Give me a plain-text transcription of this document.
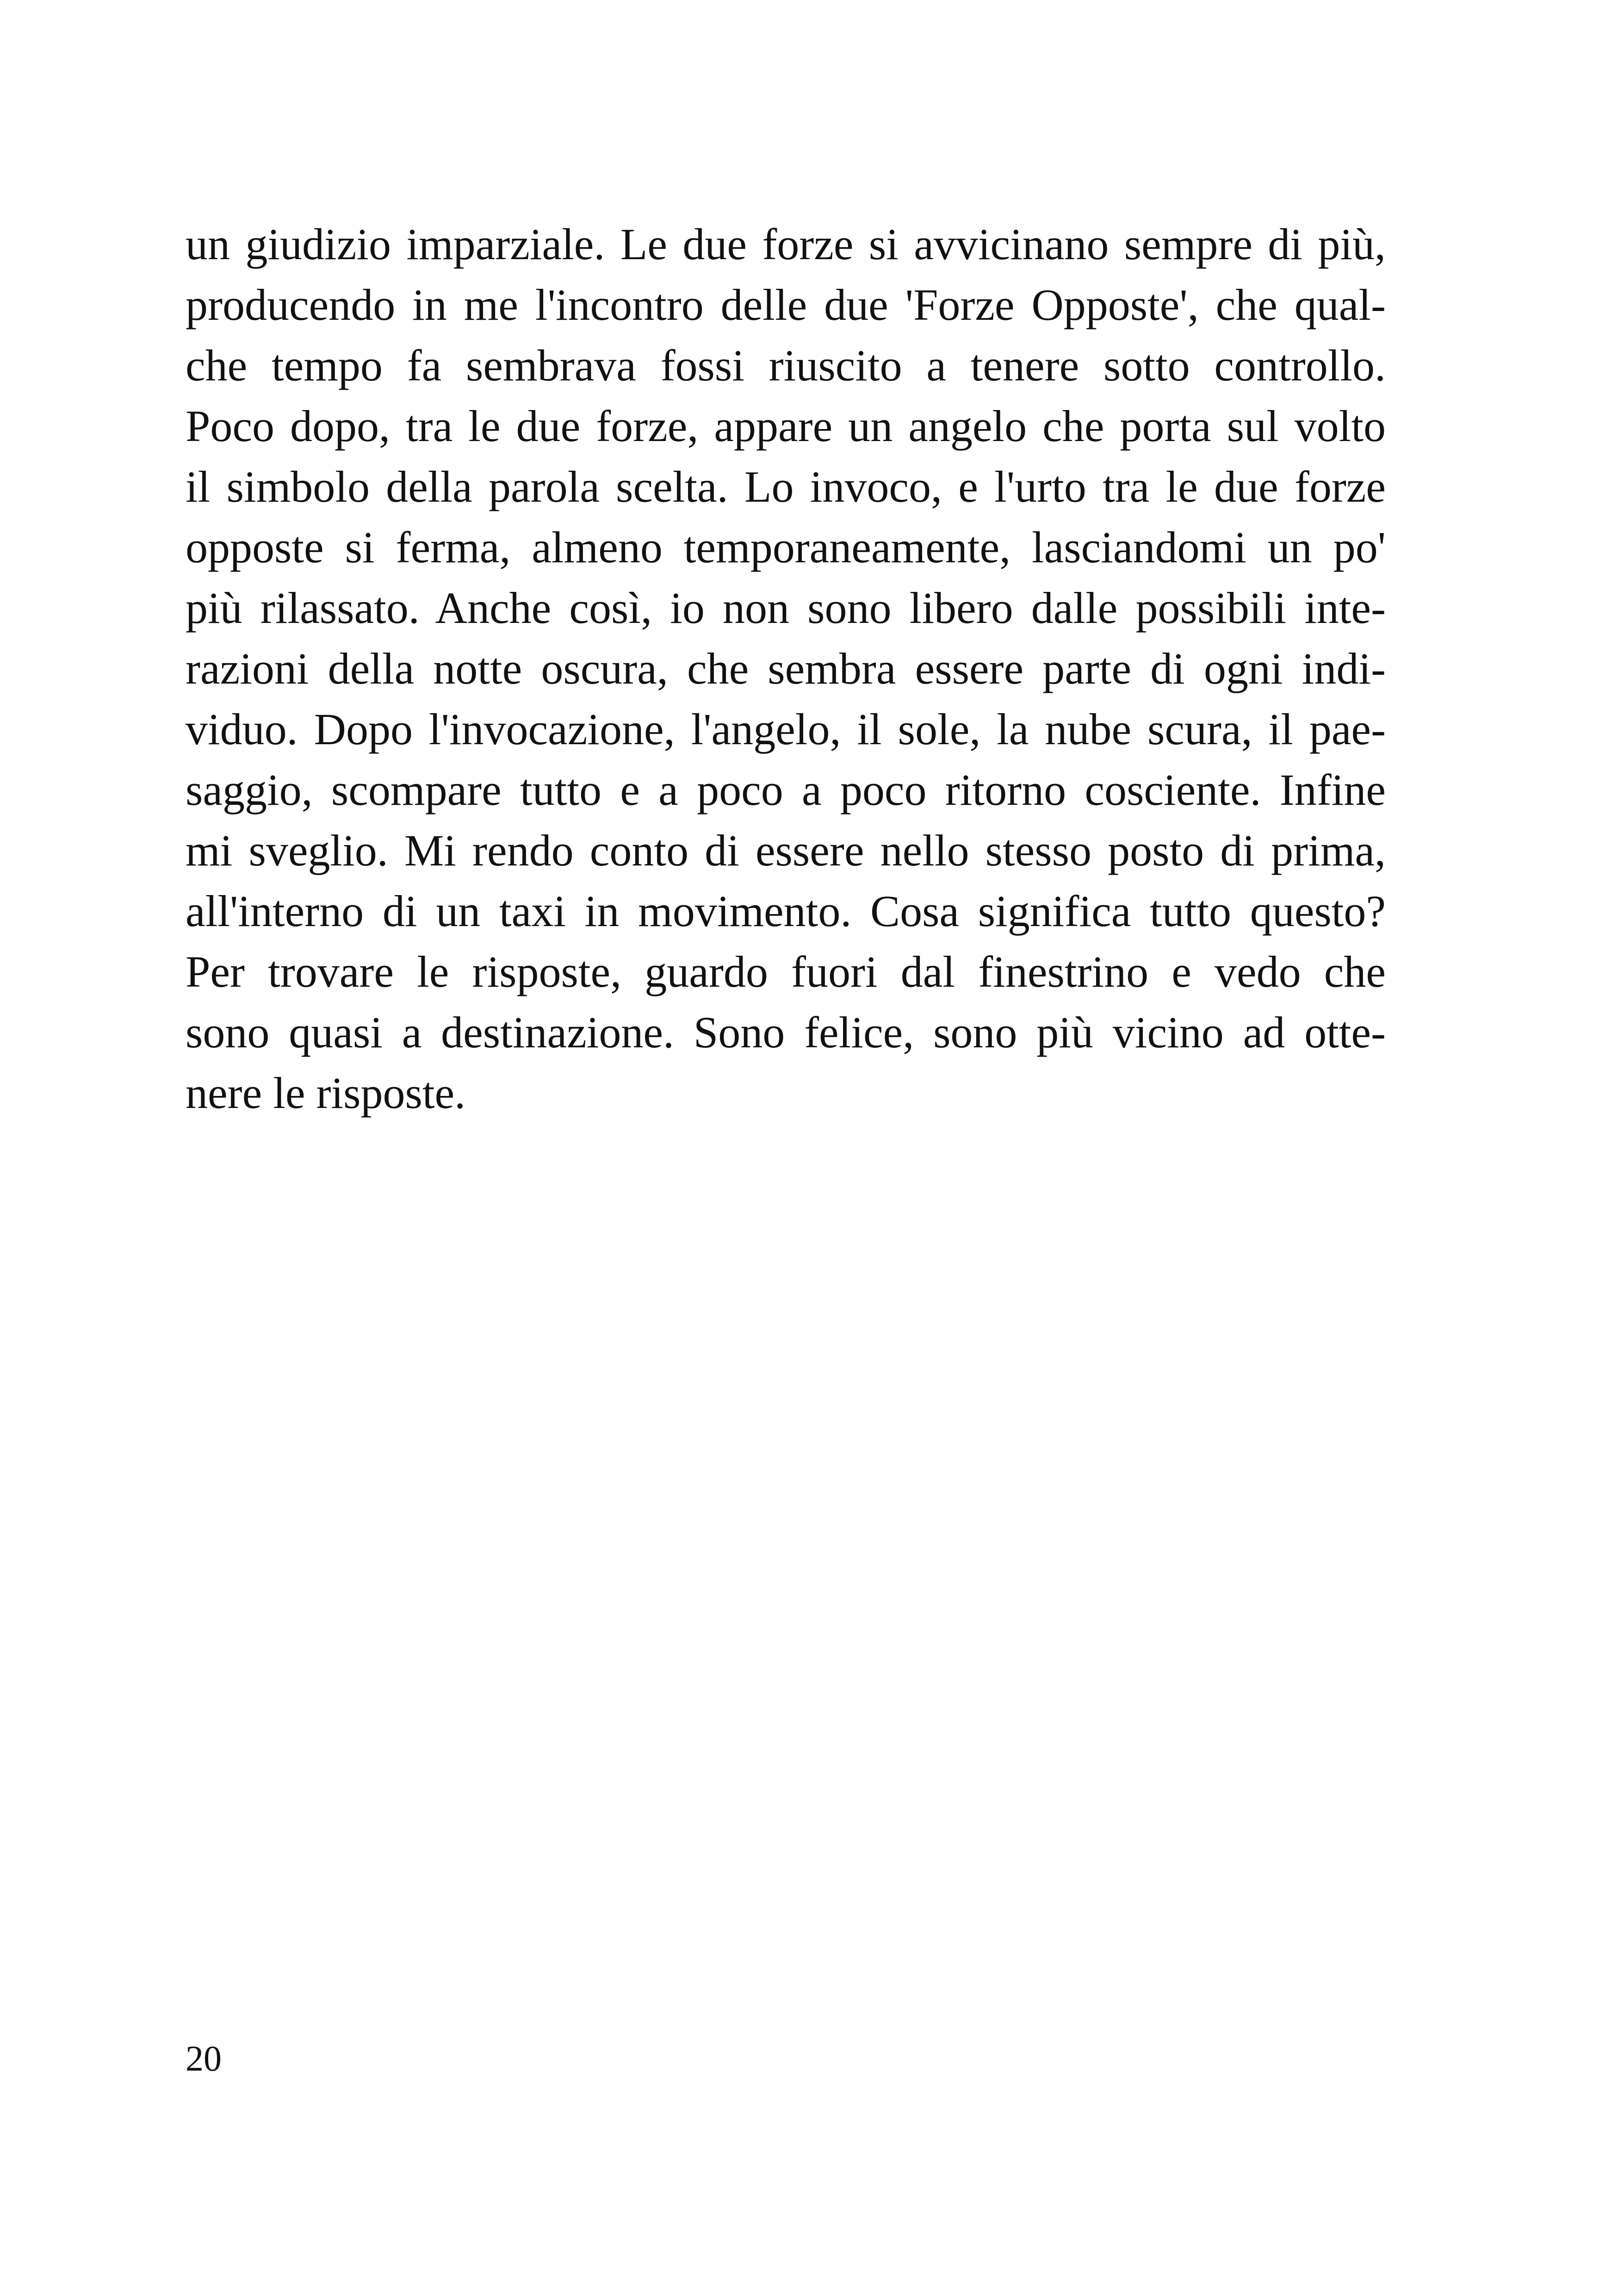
un giudizio imparziale. Le due forze si avvicinano sempre di più,
producendo in me l'incontro delle due 'Forze Opposte', che qual-
che tempo fa sembrava fossi riuscito a tenere sotto controllo.
Poco dopo, tra le due forze, appare un angelo che porta sul volto
il simbolo della parola scelta. Lo invoco, e l'urto tra le due forze
opposte si ferma, almeno temporaneamente, lasciandomi un po'
più rilassato. Anche così, io non sono libero dalle possibili inte-
razioni della notte oscura, che sembra essere parte di ogni indi-
viduo. Dopo l'invocazione, l'angelo, il sole, la nube scura, il pae-
saggio, scompare tutto e a poco a poco ritorno cosciente. Infine
mi sveglio. Mi rendo conto di essere nello stesso posto di prima,
all'interno di un taxi in movimento. Cosa significa tutto questo?
Per trovare le risposte, guardo fuori dal finestrino e vedo che
sono quasi a destinazione. Sono felice, sono più vicino ad otte-
nere le risposte.
20
